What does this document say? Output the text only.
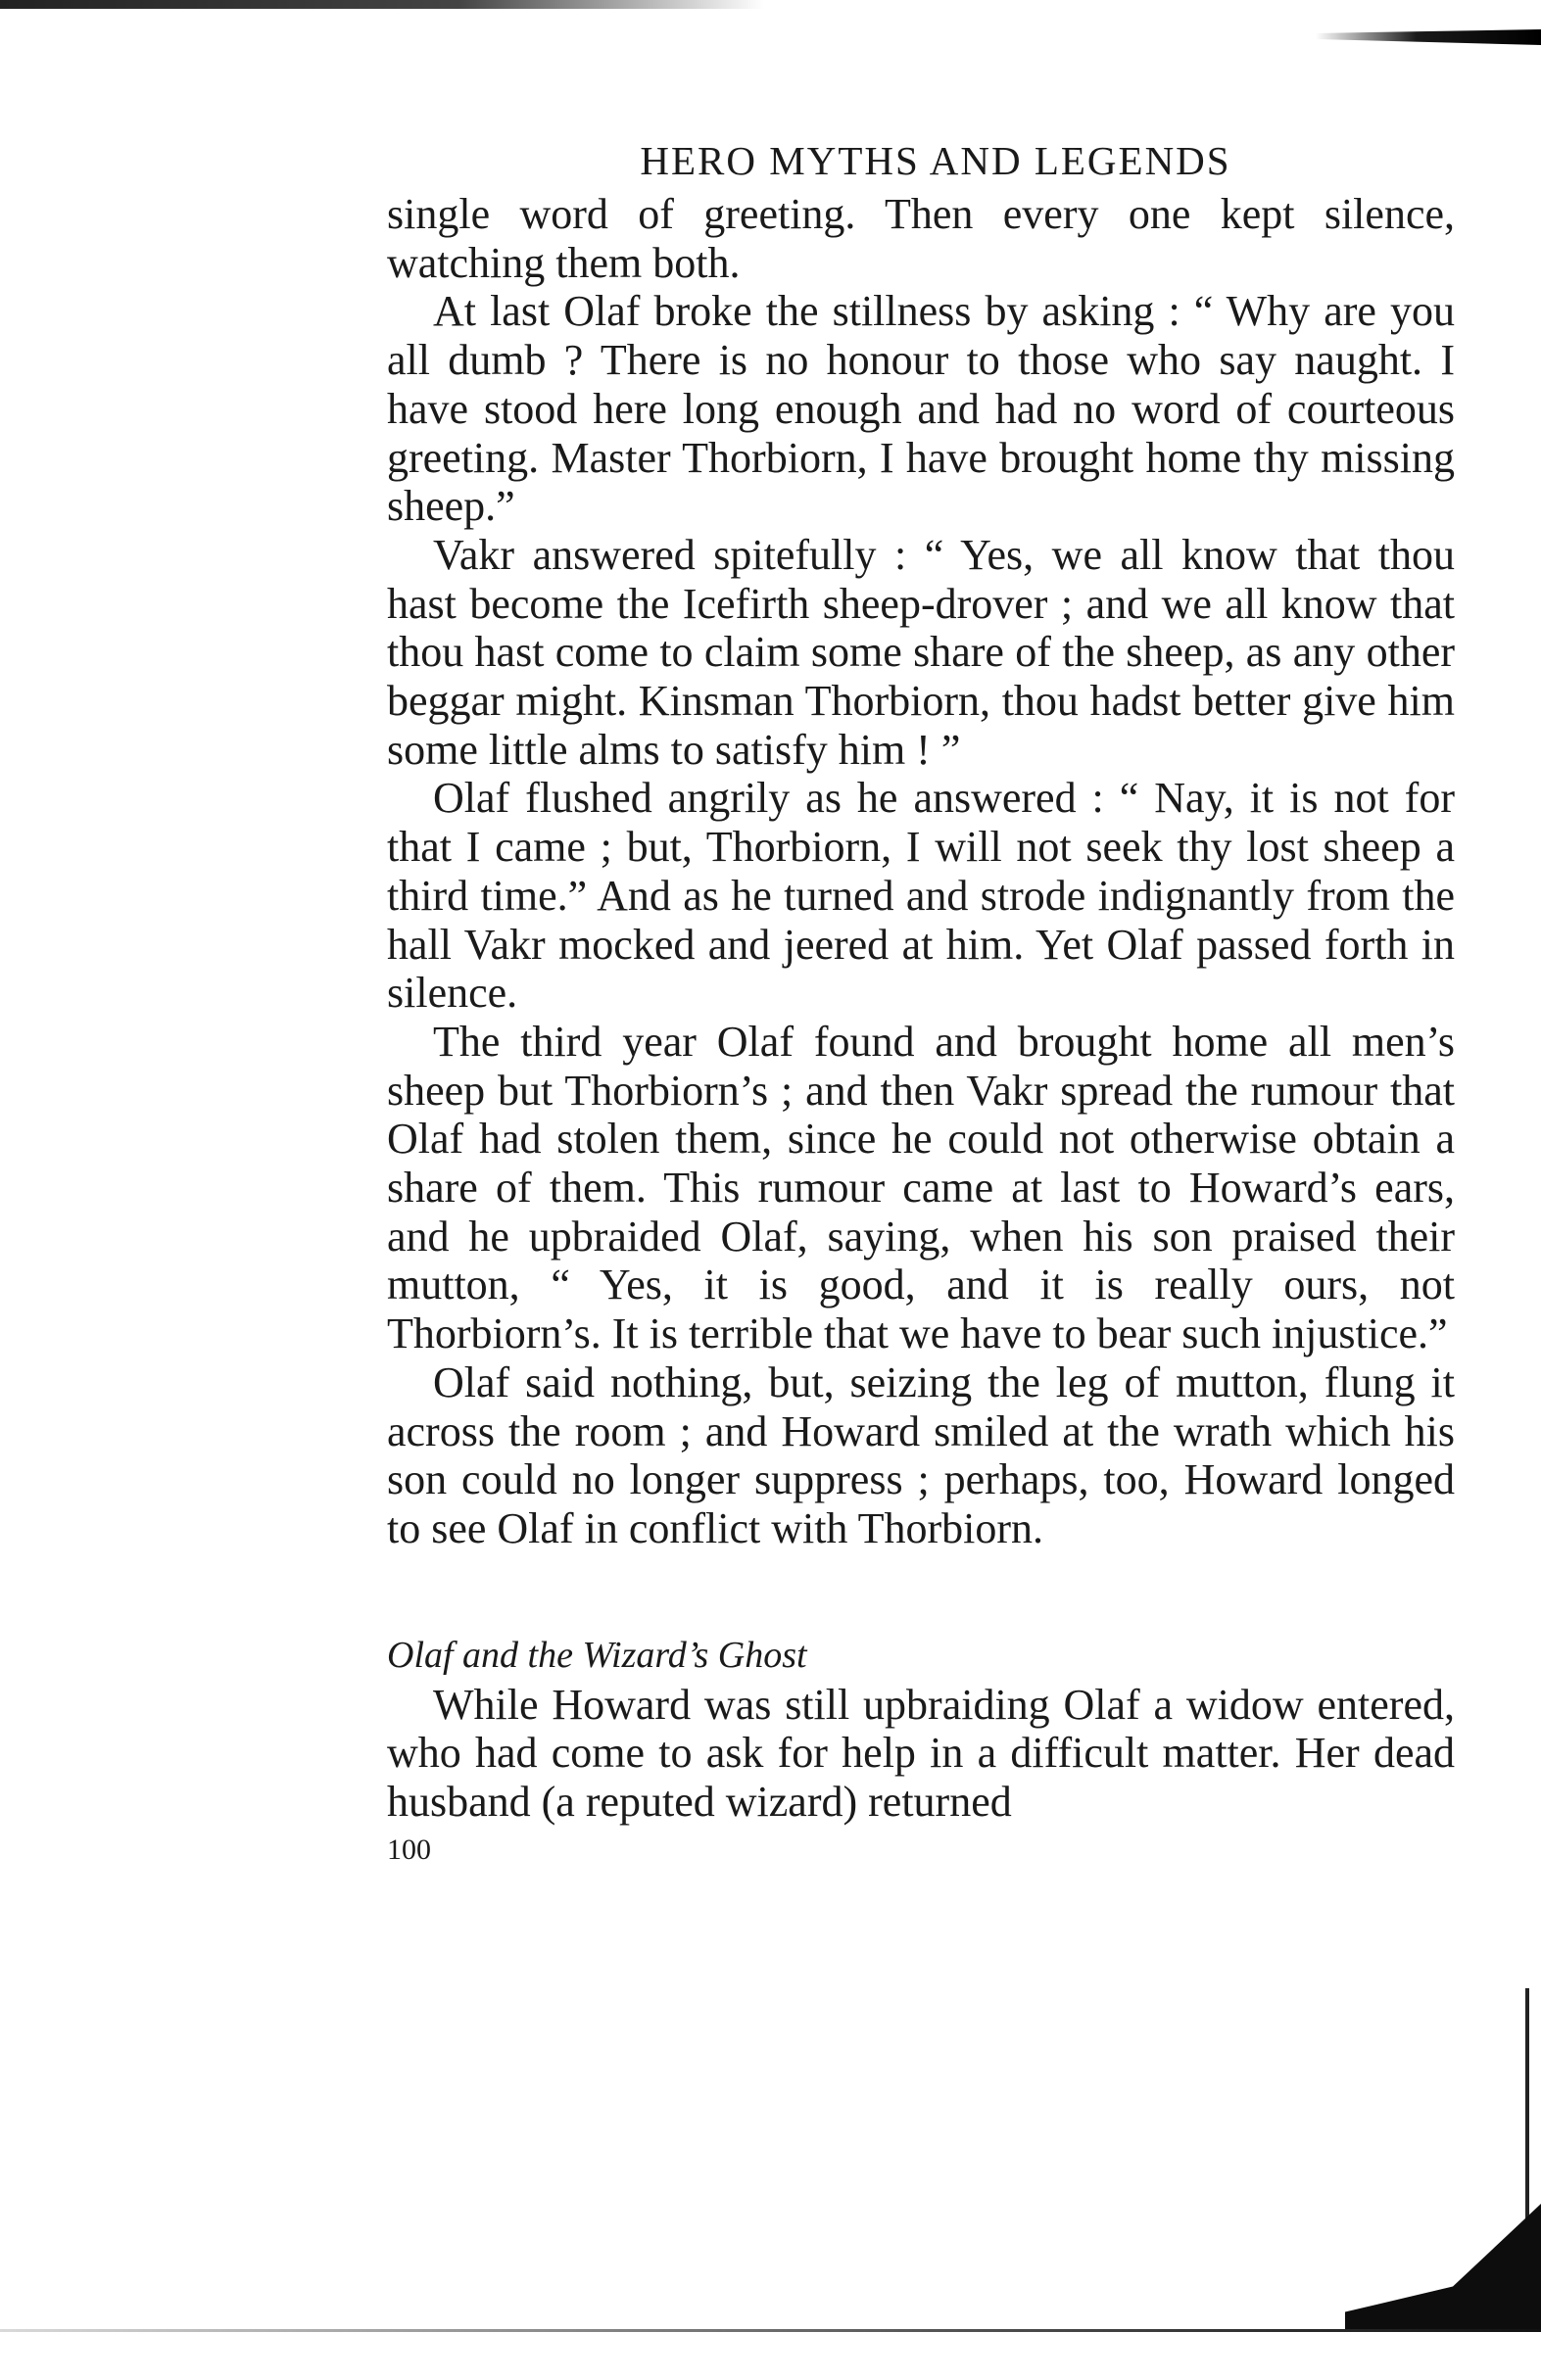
HERO MYTHS AND LEGENDS

single word of greeting. Then every one kept silence, watching them both.

At last Olaf broke the stillness by asking : “ Why are you all dumb ? There is no honour to those who say naught. I have stood here long enough and had no word of courteous greeting. Master Thorbiorn, I have brought home thy missing sheep.”

Vakr answered spitefully : “ Yes, we all know that thou hast become the Icefirth sheep-drover ; and we all know that thou hast come to claim some share of the sheep, as any other beggar might. Kinsman Thorbiorn, thou hadst better give him some little alms to satisfy him ! ”

Olaf flushed angrily as he answered : “ Nay, it is not for that I came ; but, Thorbiorn, I will not seek thy lost sheep a third time.” And as he turned and strode indignantly from the hall Vakr mocked and jeered at him. Yet Olaf passed forth in silence.

The third year Olaf found and brought home all men’s sheep but Thorbiorn’s ; and then Vakr spread the rumour that Olaf had stolen them, since he could not otherwise obtain a share of them. This rumour came at last to Howard’s ears, and he upbraided Olaf, saying, when his son praised their mutton, “ Yes, it is good, and it is really ours, not Thorbiorn’s. It is terrible that we have to bear such injustice.”

Olaf said nothing, but, seizing the leg of mutton, flung it across the room ; and Howard smiled at the wrath which his son could no longer suppress ; perhaps, too, Howard longed to see Olaf in conflict with Thorbiorn.

Olaf and the Wizard’s Ghost

While Howard was still upbraiding Olaf a widow entered, who had come to ask for help in a difficult matter. Her dead husband (a reputed wizard) returned

100
